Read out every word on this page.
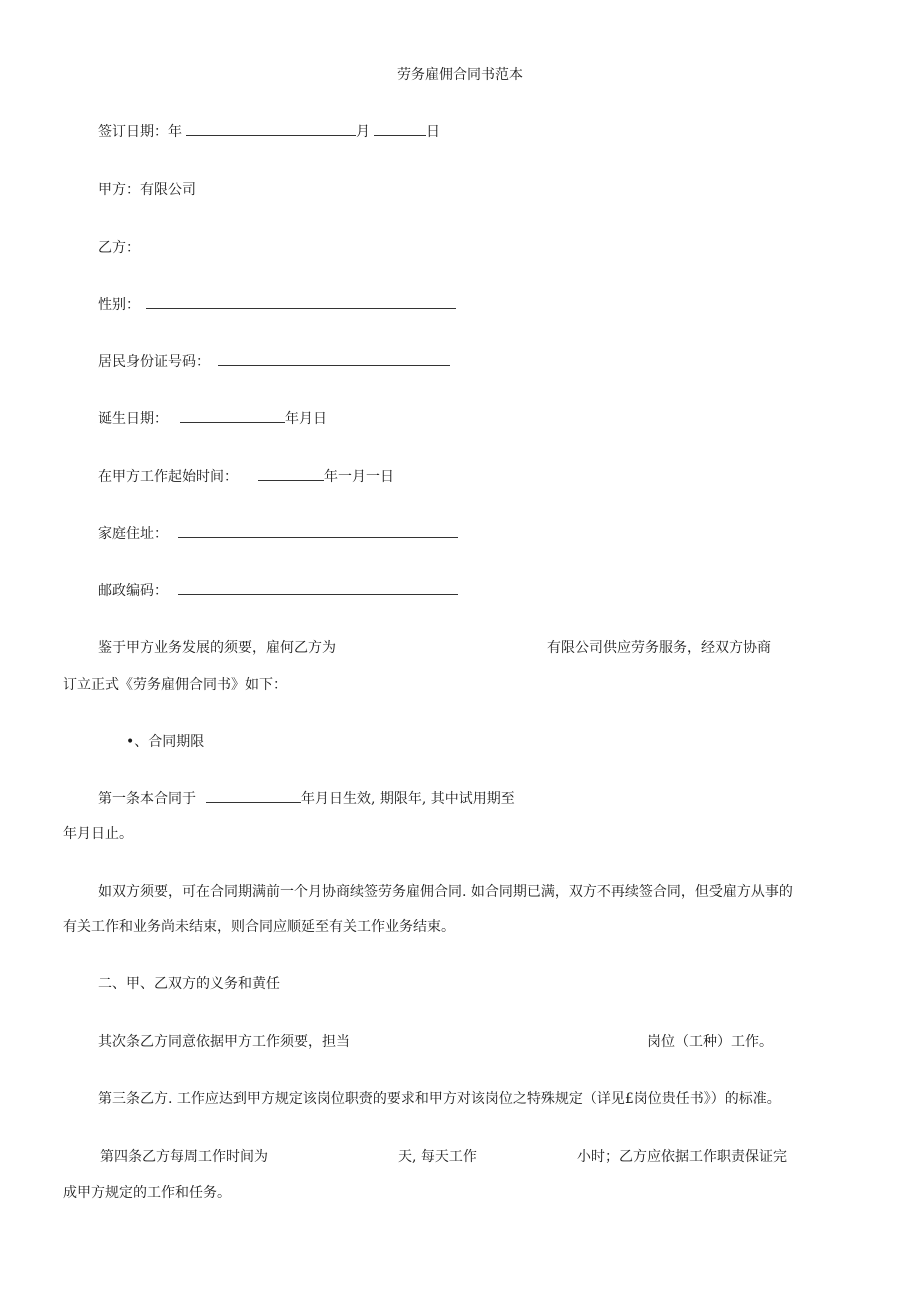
劳务雇佣合同书范本
签订日期：年	月	日
甲方：有限公司
乙方：
性别：
居民身份证号码：
诞生日期：	年月日
在甲方工作起始时间：	年一月一日
家庭住址：
邮政编码：
鉴于甲方业务发展的须要，雇何乙方为	有限公司供应劳务服务，经双方协商
订立正式《劳务雇佣合同书》如下：
•、合同期限
第一条本合同于	年月日生效, 期限年, 其中试用期至
年月日止。
如双方须要，可在合同期满前一个月协商续签劳务雇佣合同. 如合同期已满，双方不再续签合同，但受雇方从事的
有关工作和业务尚未结束，则合同应顺延至有关工作业务结束。
二、甲、乙双方的义务和黄任
其次条乙方同意依据甲方工作须要，担当	岗位（工种）工作。
第三条乙方. 工作应达到甲方规定该岗位职赍的要求和甲方对该岗位之特殊规定（详见£岗位贵任书》）的标准。
第四条乙方每周工作时间为	天, 每天工作	小时；乙方应依据工作职责保证完
成甲方规定的工作和任务。
